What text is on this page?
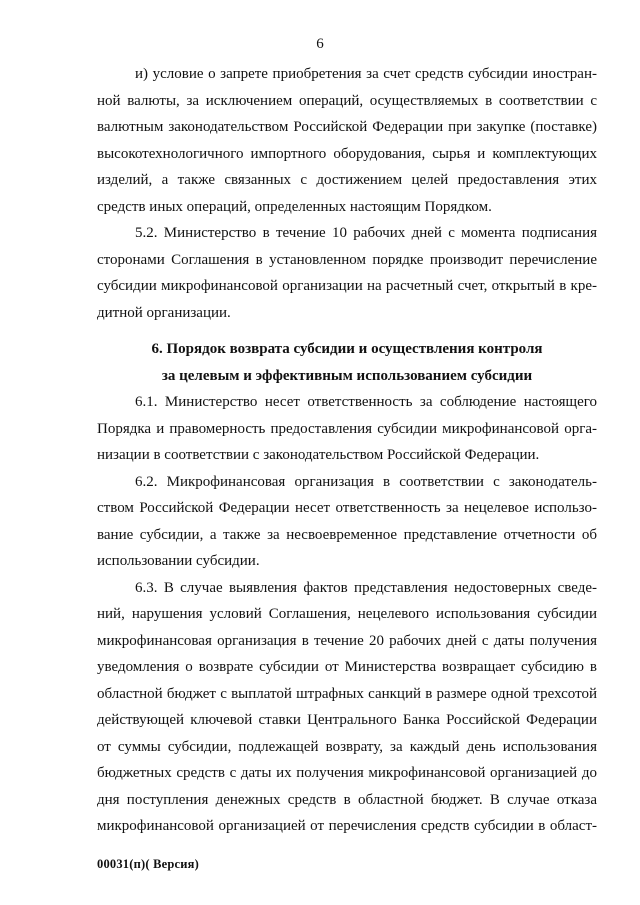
6
и) условие о запрете приобретения за счет средств субсидии иностран-
ной валюты, за исключением операций, осуществляемых в соответствии с
валютным законодательством Российской Федерации при закупке (поставке)
высокотехнологичного импортного оборудования, сырья и комплектующих
изделий, а также связанных с достижением целей предоставления этих
средств иных операций, определенных настоящим Порядком.
5.2. Министерство в течение 10 рабочих дней с момента подписания
сторонами Соглашения в установленном порядке производит перечисление
субсидии микрофинансовой организации на расчетный счет, открытый в кре-
дитной организации.
6. Порядок возврата субсидии и осуществления контроля
за целевым и эффективным использованием субсидии
6.1. Министерство несет ответственность за соблюдение настоящего
Порядка и правомерность предоставления субсидии микрофинансовой орга-
низации в соответствии с законодательством Российской Федерации.
6.2. Микрофинансовая организация в соответствии с законодатель-
ством Российской Федерации несет ответственность за нецелевое использо-
вание субсидии, а также за несвоевременное представление отчетности об
использовании субсидии.
6.3. В случае выявления фактов представления недостоверных сведе-
ний, нарушения условий Соглашения, нецелевого использования субсидии
микрофинансовая организация в течение 20 рабочих дней с даты получения
уведомления о возврате субсидии от Министерства возвращает субсидию в
областной бюджет с выплатой штрафных санкций в размере одной трехсотой
действующей ключевой ставки Центрального Банка Российской Федерации
от суммы субсидии, подлежащей возврату, за каждый день использования
бюджетных средств с даты их получения микрофинансовой организацией до
дня поступления денежных средств в областной бюджет. В случае отказа
микрофинансовой организацией от перечисления средств субсидии в област-
00031(п)( Версия)
